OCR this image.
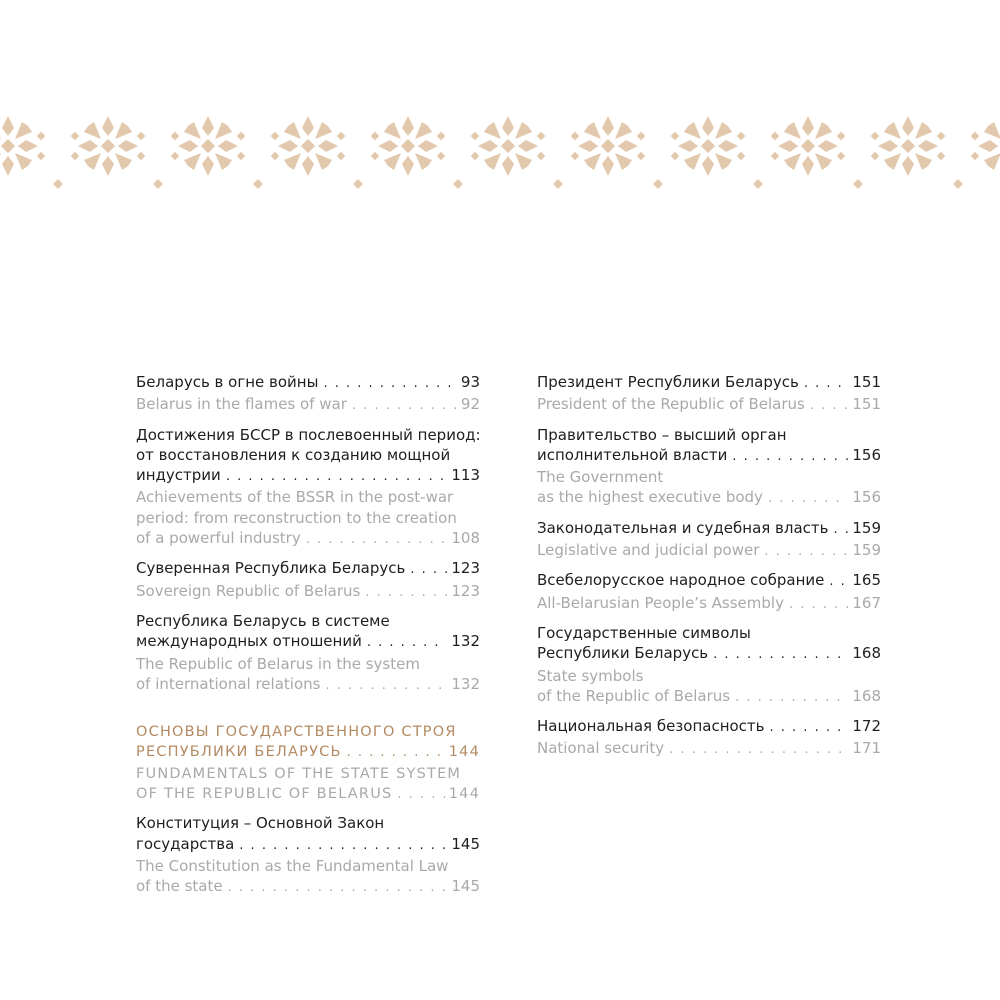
Беларусь в огне войны . . .	93
Belarus in the flames of war . . .	92
Достижения БССР в послевоенный период:
от восстановления к созданию мощной
индустрии . . .	113
Achievements of the BSSR in the post-war
period: from reconstruction to the creation
of a powerful industry . . .	108
Суверенная Республика Беларусь . . .	123
Sovereign Republic of Belarus . . .	123
Республика Беларусь в системе
международных отношений . . .	132
The Republic of Belarus in the system
of international relations . . .	132
ОСНОВЫ ГОСУДАРСТВЕННОГО СТРОЯ
РЕСПУБЛИКИ БЕЛАРУСЬ . . .	144
FUNDAMENTALS OF THE STATE SYSTEM
OF THE REPUBLIC OF BELARUS . . .	144
Конституция – Основной Закон
государства . . .	145
The Constitution as the Fundamental Law
of the state . . .	145
Президент Республики Беларусь . . .	151
President of the Republic of Belarus . . .	151
Правительство – высший орган
исполнительной власти . . .	156
The Government
as the highest executive body . . .	156
Законодательная и судебная власть . . . 159
Legislative and judicial power . . .	159
Всебелорусское народное собрание . . . 165
All-Belarusian People’s Assembly . . .	167
Государственные символы
Республики Беларусь . . .	168
State symbols
of the Republic of Belarus . . .	168
Национальная безопасность . . .	172
National security . . .	171
